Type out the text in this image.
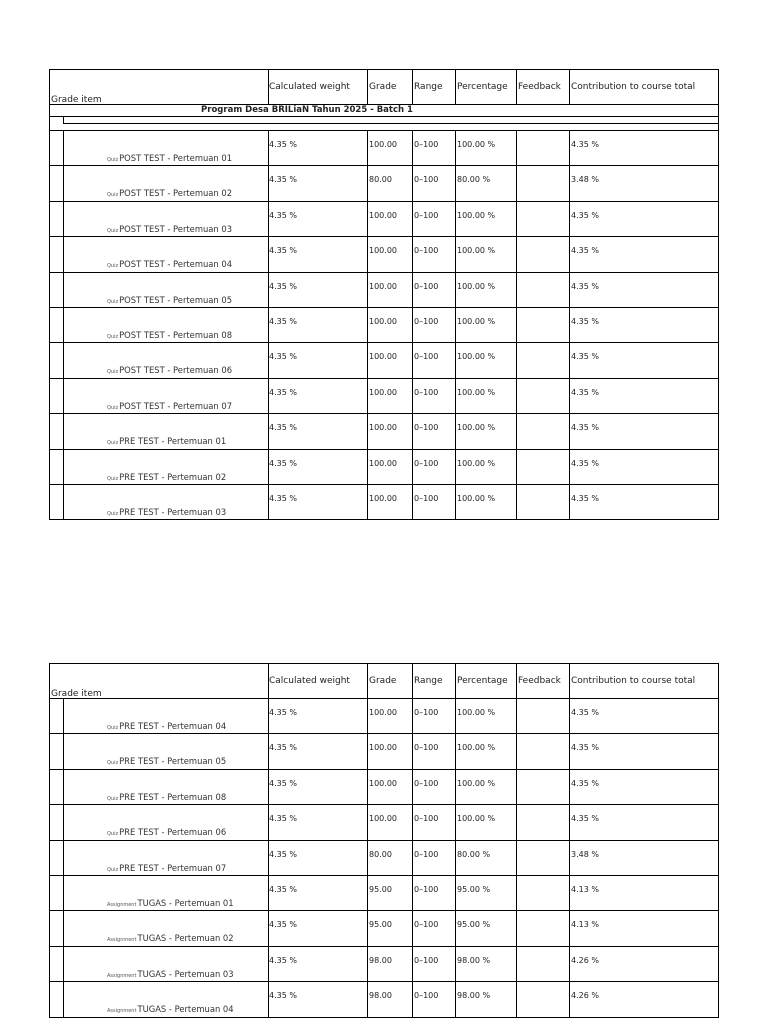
Grade item
Calculated weight Grade Range Percentage Feedback Contribution to course total
Program Desa BRILiaN Tahun 2025 - Batch 1
QuizPOST TEST - Pertemuan 01
4.35 %	100.00 0–100 100.00 %	4.35 %
QuizPOST TEST - Pertemuan 02
4.35 %	80.00	0–100 80.00 %	3.48 %
QuizPOST TEST - Pertemuan 03
4.35 %	100.00 0–100 100.00 %	4.35 %
QuizPOST TEST - Pertemuan 04
4.35 %	100.00 0–100 100.00 %	4.35 %
QuizPOST TEST - Pertemuan 05
4.35 %	100.00 0–100 100.00 %	4.35 %
QuizPOST TEST - Pertemuan 08
4.35 %	100.00 0–100 100.00 %	4.35 %
QuizPOST TEST - Pertemuan 06
4.35 %	100.00 0–100 100.00 %	4.35 %
QuizPOST TEST - Pertemuan 07
4.35 %	100.00 0–100 100.00 %	4.35 %
QuizPRE TEST - Pertemuan 01
4.35 %	100.00 0–100 100.00 %	4.35 %
QuizPRE TEST - Pertemuan 02
4.35 %	100.00 0–100 100.00 %	4.35 %
QuizPRE TEST - Pertemuan 03
4.35 %	100.00 0–100 100.00 %	4.35 %
Grade item
Calculated weight Grade Range Percentage Feedback Contribution to course total
QuizPRE TEST - Pertemuan 04
4.35 %	100.00 0–100 100.00 %	4.35 %
QuizPRE TEST - Pertemuan 05
4.35 %	100.00 0–100 100.00 %	4.35 %
QuizPRE TEST - Pertemuan 08
4.35 %	100.00 0–100 100.00 %	4.35 %
QuizPRE TEST - Pertemuan 06
4.35 %	100.00 0–100 100.00 %	4.35 %
QuizPRE TEST - Pertemuan 07
4.35 %	80.00	0–100 80.00 %	3.48 %
AssignmentTUGAS - Pertemuan 01
4.35 %	95.00	0–100 95.00 %	4.13 %
AssignmentTUGAS - Pertemuan 02
4.35 %	95.00	0–100 95.00 %	4.13 %
AssignmentTUGAS - Pertemuan 03
4.35 %	98.00	0–100 98.00 %	4.26 %
AssignmentTUGAS - Pertemuan 04
4.35 %	98.00	0–100 98.00 %	4.26 %
